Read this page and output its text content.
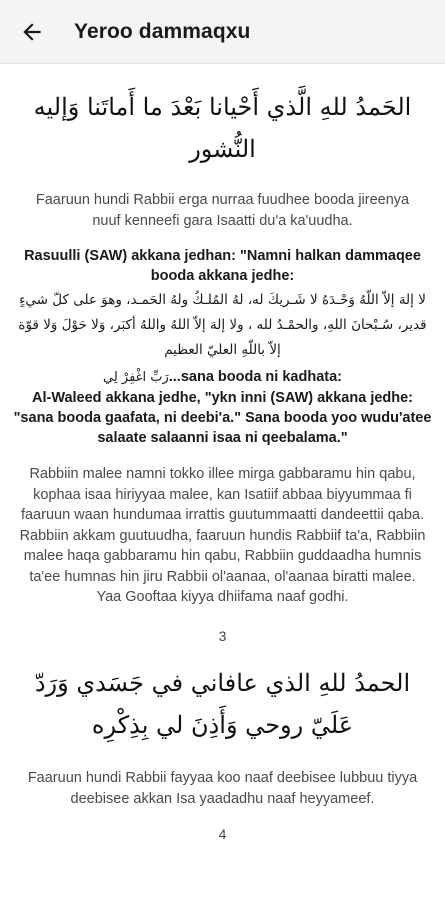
Yeroo dammaqxu

الحَمدُ للهِ الَّذي أَحْيانا بَعْدَ ما أَماتَنا وَإليه النُّشور

Faaruun hundi Rabbii erga nurraa fuudhee booda jireenya nuuf kenneefi gara Isaatti du'a ka'uudha.

Rasuulli (SAW) akkana jedhan: "Namni halkan dammaqee booda akkana jedhe:

لا إلهَ إلاّ اللّهُ وَحْـدَهُ لا شَـريكَ له، لهُ المُلـكُ ولهُ الحَمـد، وهوَ على كلّ شيءٍ قدير، سُـبْحانَ اللهِ، والحمْـدُ لله ، ولا إلهَ إلاّ اللهُ واللهُ أكبَر، وَلا حَوْلَ وَلا قوّة إلاّ باللّهِ العليّ العظيم

رَبِّ اغْفِرْ لِي...sana booda ni kadhata:

Al-Waleed akkana jedhe, "ykn inni (SAW) akkana jedhe: "sana booda gaafata, ni deebi'a." Sana booda yoo wudu'atee salaate salaanni isaa ni qeebalama."

Rabbiin malee namni tokko illee mirga gabbaramu hin qabu, kophaa isaa hiriyyaa malee, kan Isatiif abbaa biyyummaa fi faaruun waan hundumaa irrattis guutummaatti dandeettii qaba. Rabbiin akkam guutuudha, faaruun hundis Rabbiif ta'a, Rabbiin malee haqa gabbaramu hin qabu, Rabbiin guddaadha humnis ta'ee humnas hin jiru Rabbii ol'aanaa, ol'aanaa biratti malee. Yaa Gooftaa kiyya dhiifama naaf godhi.

3

الحمدُ للهِ الذي عافاني في جَسَدي وَرَدّ عَلَيّ روحي وَأَذِنَ لي بِذِكْرِه

Faaruun hundi Rabbii fayyaa koo naaf deebisee lubbuu tiyya deebisee akkan Isa yaadadhu naaf heyyameef.

4
